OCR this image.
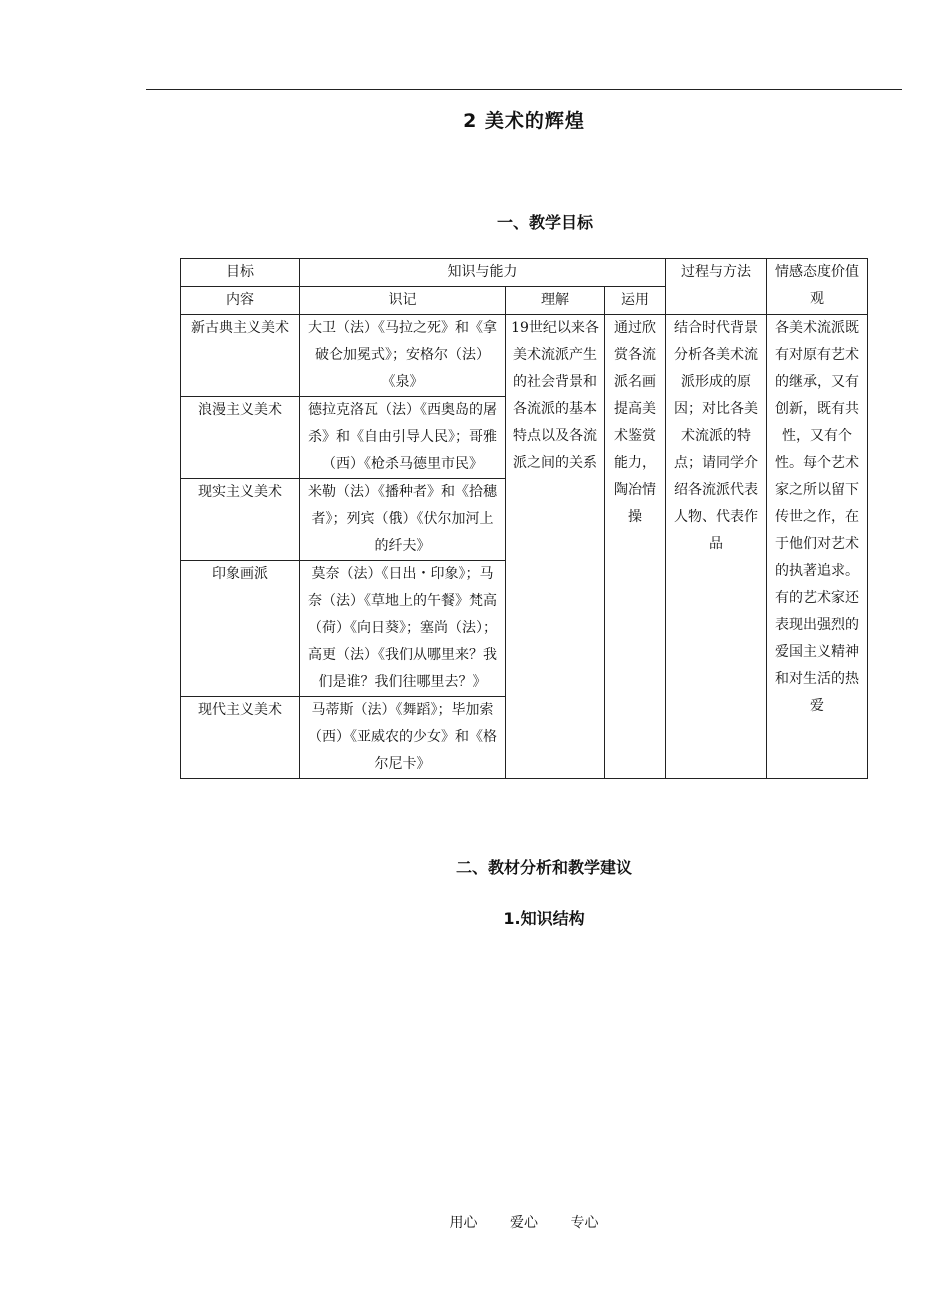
2 美术的辉煌
一、教学目标
目标	知识与能力			过程与方法	情感态度价值观
内容	识记	理解	运用		
新古典主义美术	大卫（法）《马拉之死》和《拿破仑加冕式》；安格尔（法）《泉》	19世纪以来各美术流派产生的社会背景和各流派的基本特点以及各流派之间的关系	通过欣赏各流派名画提高美术鉴赏能力，陶冶情操	结合时代背景分析各美术流派形成的原因；对比各美术流派的特点；请同学介绍各流派代表人物、代表作品	各美术流派既有对原有艺术的继承，又有创新，既有共性，又有个性。每个艺术家之所以留下传世之作，在于他们对艺术的执著追求。有的艺术家还表现出强烈的爱国主义精神和对生活的热爱
浪漫主义美术	德拉克洛瓦（法）《西奥岛的屠杀》和《自由引导人民》；哥雅（西）《枪杀马德里市民》				
现实主义美术	米勒（法）《播种者》和《拾穗者》；列宾（俄）《伏尔加河上的纤夫》				
印象画派	莫奈（法）《日出・印象》；马奈（法）《草地上的午餐》梵高（荷）《向日葵》；塞尚（法）；高更（法）《我们从哪里来？我们是谁？我们往哪里去？》				
现代主义美术	马蒂斯（法）《舞蹈》；毕加索（西）《亚威农的少女》和《格尔尼卡》				
二、教材分析和教学建议
1.知识结构
用心 爱心 专心
